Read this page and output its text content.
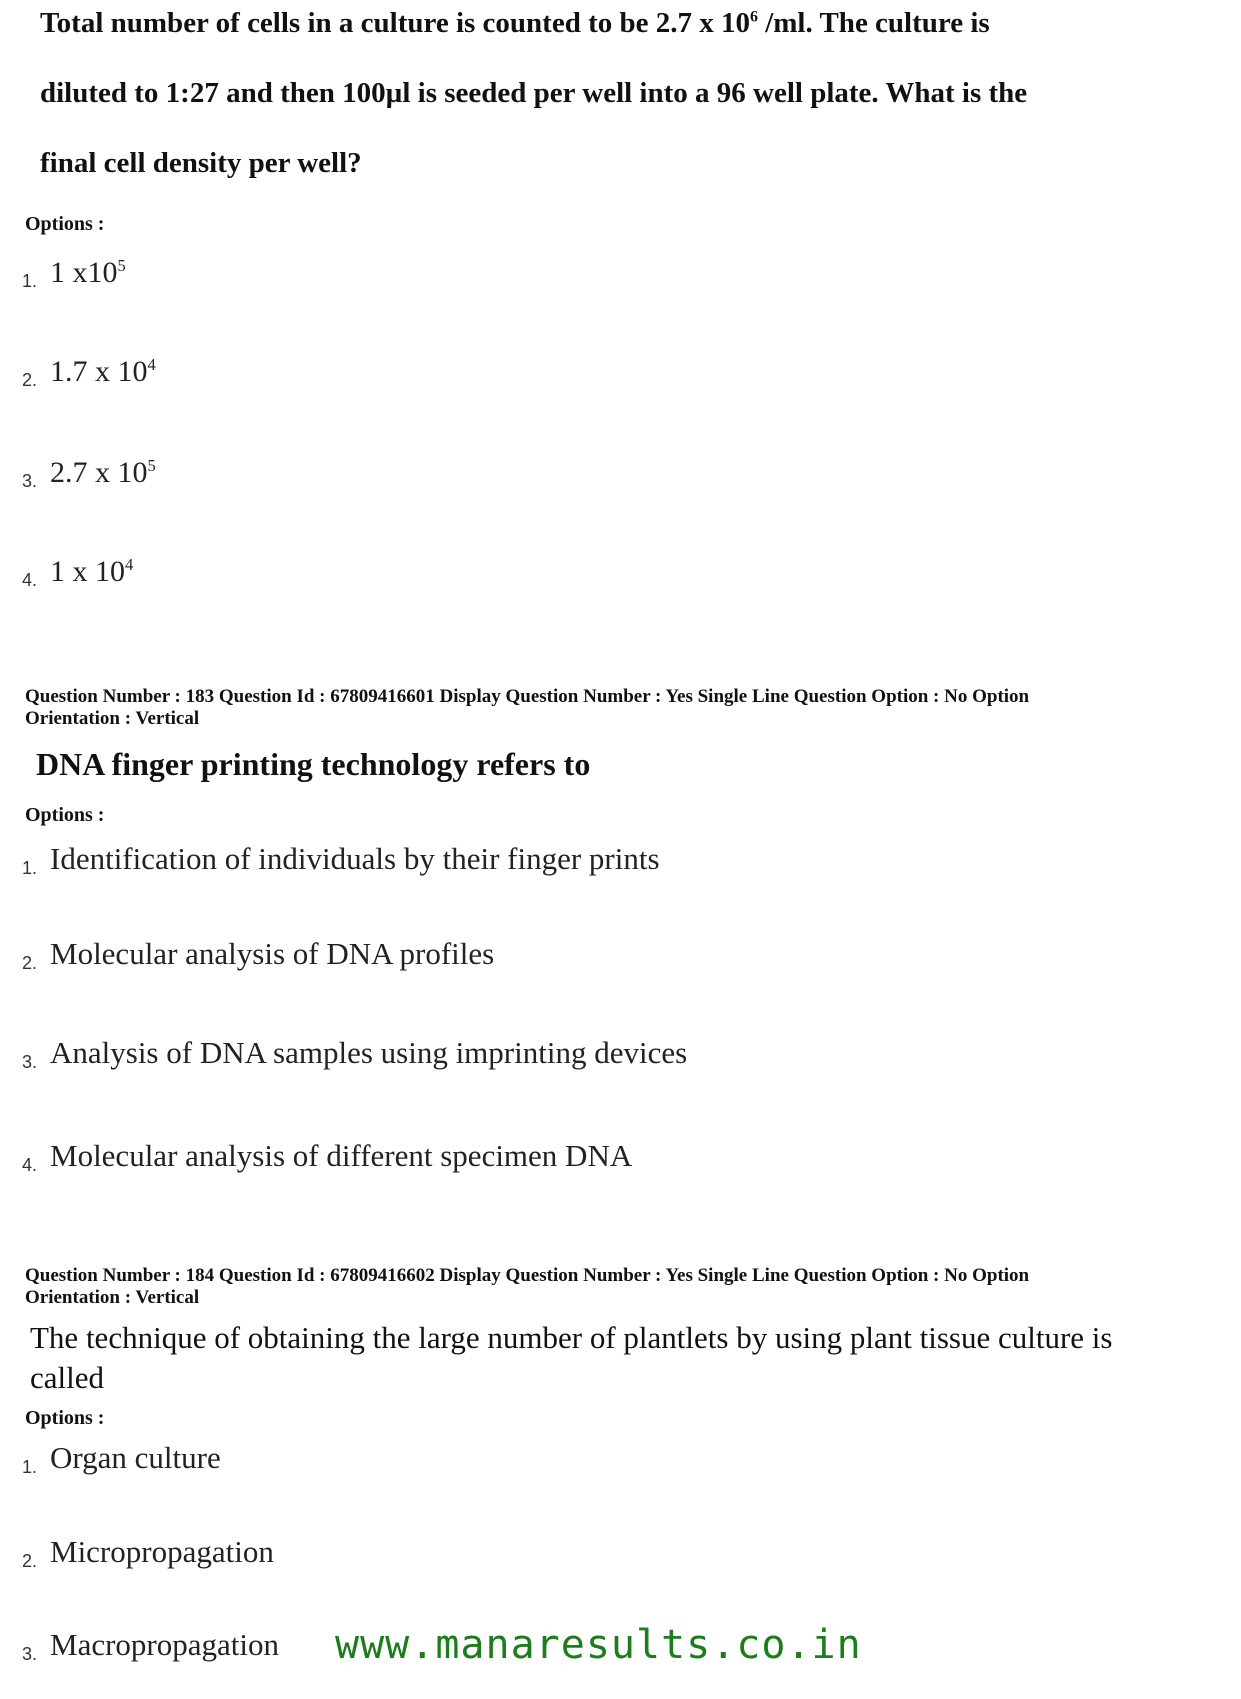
Total number of cells in a culture is counted to be 2.7 x $10^6$ /ml. The culture is
diluted to 1:27 and then 100µl is seeded per well into a 96 well plate. What is the
final cell density per well?
Options :
1. 1 $x10^5$
2. 1.7 x $10^4$
3. 2.7 x $10^5$
4. 1 x $10^4$
Question Number : 183 Question Id : 67809416601 Display Question Number : Yes Single Line Question Option : No Option
Orientation : Vertical
DNA finger printing technology refers to
Options :
1. Identification of individuals by their finger prints
2. Molecular analysis of DNA profiles
3. Analysis of DNA samples using imprinting devices
4. Molecular analysis of different specimen DNA
Question Number : 184 Question Id : 67809416602 Display Question Number : Yes Single Line Question Option : No Option
Orientation : Vertical
The technique of obtaining the large number of plantlets by using plant tissue culture is
called
Options :
1. Organ culture
2. Micropropagation
3. Macropropagation www.manaresults.co.in
